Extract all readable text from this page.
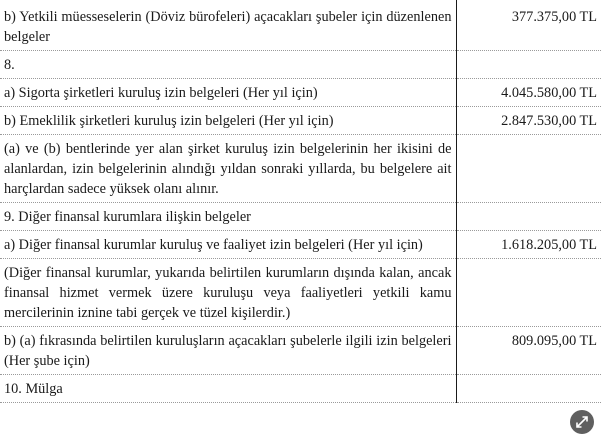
b) Yetkili müesseselerin (Döviz bürofeleri) açacakları şubeler için düzenlenen belgeler	377.375,00 TL
8.	
a) Sigorta şirketleri kuruluş izin belgeleri (Her yıl için)	4.045.580,00 TL
b) Emeklilik şirketleri kuruluş izin belgeleri (Her yıl için)	2.847.530,00 TL
(a) ve (b) bentlerinde yer alan şirket kuruluş izin belgelerinin her ikisini de alanlardan, izin belgelerinin alındığı yıldan sonraki yıllarda, bu belgelere ait harçlardan sadece yüksek olanı alınır.	
9. Diğer finansal kurumlara ilişkin belgeler	
a) Diğer finansal kurumlar kuruluş ve faaliyet izin belgeleri (Her yıl için)	1.618.205,00 TL
(Diğer finansal kurumlar, yukarıda belirtilen kurumların dışında kalan, ancak finansal hizmet vermek üzere kuruluşu veya faaliyetleri yetkili kamu mercilerinin iznine tabi gerçek ve tüzel kişilerdir.)	
b) (a) fıkrasında belirtilen kuruluşların açacakları şubelerle ilgili izin belgeleri (Her şube için)	809.095,00 TL
10. Mülga	
